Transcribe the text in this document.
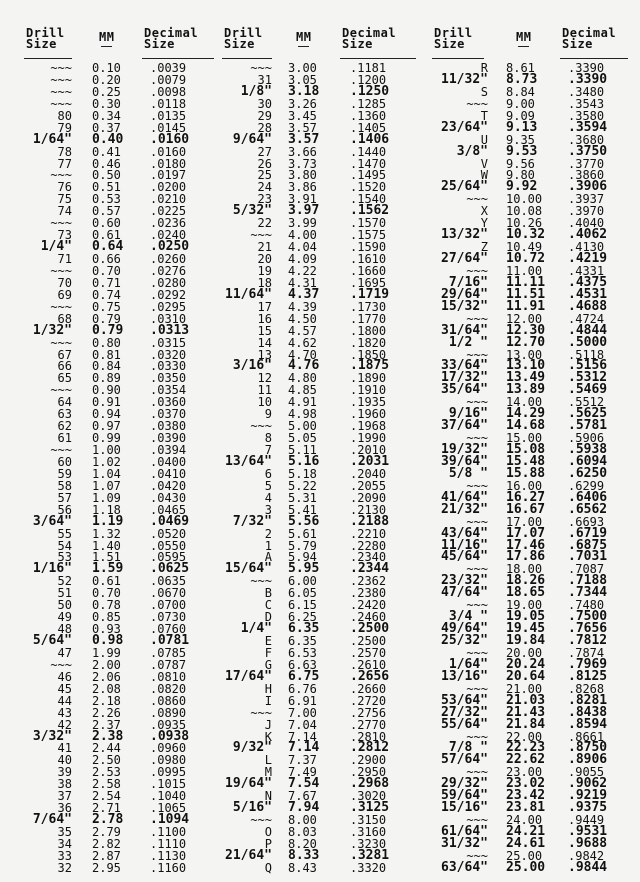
Drill
Size	MM Decimal
Size
~~~ 0.10 .0039
~~~ 0.20 .0079
~~~ 0.25 .0098
~~~ 0.30 .0118
80 0.34 .0135
79 0.37 .0145
1/64" 0.40 .0160
78 0.41 .0160
77 0.46 .0180
~~~ 0.50 .0197
76 0.51 .0200
75 0.53 .0210
74 0.57 .0225
~~~ 0.60 .0236
73 0.61 .0240
1/4" 0.64 .0250
71 0.66 .0260
~~~ 0.70 .0276
70 0.71 .0280
69 0.74 .0292
~~~ 0.75 .0295
68 0.79 .0310
1/32" 0.79 .0313
~~~ 0.80 .0315
67 0.81 .0320
66 0.84 .0330
65 0.89 .0350
~~~ 0.90 .0354
64 0.91 .0360
63 0.94 .0370
62 0.97 .0380
61 0.99 .0390
~~~ 1.00 .0394
60 1.02 .0400
59 1.04 .0410
58 1.07 .0420
57 1.09 .0430
56 1.18 .0465
3/64" 1.19 .0469
55 1.32 .0520
54 1.40 .0550
53 1.51 .0595
1/16" 1.59 .0625
52 0.61 .0635
51 0.70 .0670
50 0.78 .0700
49 0.85 .0730
48 0.93 .0760
5/64" 0.98 .0781
47 1.99 .0785
~~~ 2.00 .0787
46 2.06 .0810
45 2.08 .0820
44 2.18 .0860
43 2.26 .0890
42 2.37 .0935
3/32" 2.38 .0938
41 2.44 .0960
40 2.50 .0980
39 2.53 .0995
38 2.58 .1015
37 2.54 .1040
36 2.71 .1065
7/64" 2.78 .1094
35 2.79 .1100
34 2.82 .1110
33 2.87 .1130
32 2.95 .1160
Drill
Size	MM	Decimal
Size
~~~ 3.00	.1181
31 3.05	.1200
1/8" 3.18 .1250
30 3.26	.1285
29 3.45	.1360
28 3.57	.1405
9/64" 3.57 .1406
27 3.66	.1440
26 3.73	.1470
25 3.80	.1495
24 3.86	.1520
23 3.91	.1540
5/32" 3.97 .1562
22 3.99	.1570
~~~ 4.00	.1575
21 4.04	.1590
20 4.09	.1610
19 4.22	.1660
18 4.31	.1695
11/64" 4.37 .1719
17 4.39	.1730
16 4.50	.1770
15 4.57	.1800
14 4.62	.1820
13 4.70	.1850
3/16" 4.76 .1875
12 4.80	.1890
11 4.85	.1910
10 4.91	.1935
9 4.98	.1960
~~~ 5.00	.1968
8 5.05	.1990
7 5.11	.2010
13/64" 5.16 .2031
6 5.18	.2040
5 5.22	.2055
4 5.31	.2090
3 5.41	.2130
7/32" 5.56 .2188
2 5.61	.2210
1 5.79	.2280
A 5.94	.2340
15/64" 5.95 .2344
~~~ 6.00	.2362
B 6.05	.2380
C 6.15	.2420
D 6.25	.2460
1/4" 6.35 .2500
E 6.35	.2500
F 6.53	.2570
G 6.63	.2610
17/64" 6.75 .2656
H 6.76	.2660
I 6.91	.2720
~~~ 7.00	.2756
J 7.04	.2770
K 7.14	.2810
9/32" 7.14 .2812
L 7.37	.2900
M 7.49	.2950
19/64" 7.54 .2968
N 7.67	.3020
5/16" 7.94 .3125
~~~ 8.00	.3150
O 8.03	.3160
P 8.20	.3230
21/64" 8.33 .3281
Q 8.43	.3320
Drill
Size	MM	Decimal
Size
R 8.61	.3390
11/32" 8.73 .3390
S 8.84	.3480
~~~ 9.00	.3543
T 9.09	.3580
23/64" 9.13 .3594
U 9.35	.3680
3/8" 9.53 .3750
V 9.56	.3770
W 9.80	.3860
25/64" 9.92 .3906
~~~ 10.00 .3937
X 10.08 .3970
Y 10.26 .4040
13/32" 10.32 .4062
Z 10.49 .4130
27/64" 10.72 .4219
~~~ 11.00 .4331
7/16" 11.11 .4375
29/64" 11.51 .4531
15/32" 11.91 .4688
~~~ 12.00 .4724
31/64" 12.30 .4844
1/2 " 12.70 .5000
~~~ 13.00 .5118
33/64" 13.10 .5156
17/32" 13.49 .5312
35/64" 13.89 .5469
~~~ 14.00 .5512
9/16" 14.29 .5625
37/64" 14.68 .5781
~~~ 15.00 .5906
19/32" 15.08 .5938
39/64" 15.48 .6094
5/8 " 15.88 .6250
~~~ 16.00 .6299
41/64" 16.27 .6406
21/32" 16.67 .6562
~~~ 17.00 .6693
43/64" 17.07 .6719
11/16" 17.46 .6875
45/64" 17.86 .7031
~~~ 18.00 .7087
23/32" 18.26 .7188
47/64" 18.65 .7344
~~~ 19.00 .7480
3/4 " 19.05 .7500
49/64" 19.45 .7656
25/32" 19.84 .7812
~~~ 20.00 .7874
1/64" 20.24 .7969
13/16" 20.64 .8125
~~~ 21.00 .8268
53/64" 21.03 .8281
27/32" 21.43 .8438
55/64" 21.84 .8594
~~~ 22.00 .8661
7/8 " 22.23 .8750
57/64" 22.62 .8906
~~~ 23.00 .9055
29/32" 23.02 .9062
59/64" 23.42 .9219
15/16" 23.81 .9375
~~~ 24.00 .9449
61/64" 24.21 .9531
31/32" 24.61 .9688
~~~ 25.00 .9842
63/64" 25.00 .9844
